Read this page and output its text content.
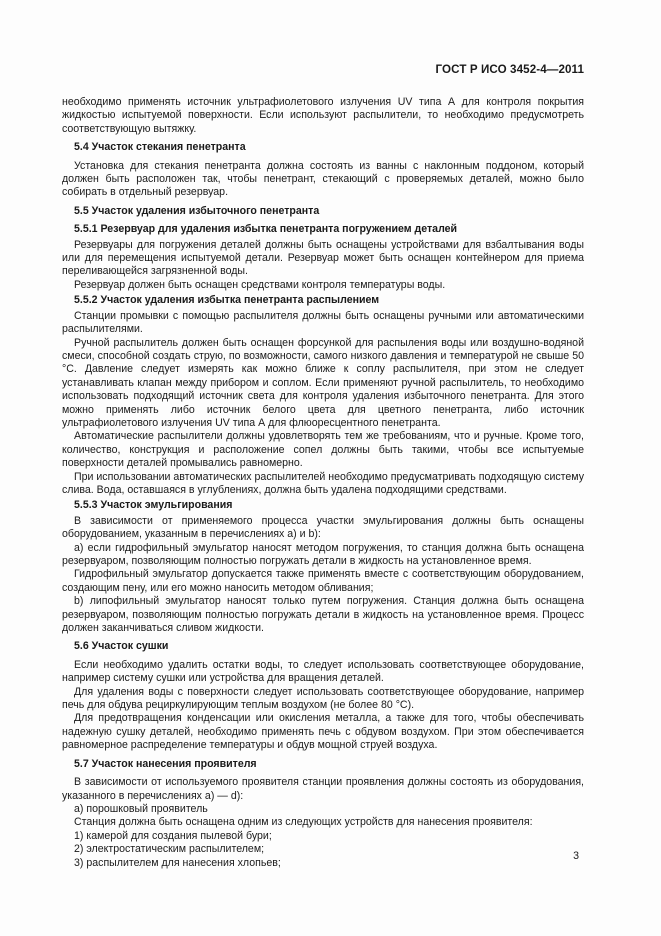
ГОСТ Р ИСО 3452-4—2011

необходимо применять источник ультрафиолетового излучения UV типа А для контроля покрытия жидкостью испытуемой поверхности. Если используют распылители, то необходимо предусмотреть соответствующую вытяжку.

5.4 Участок стекания пенетранта

Установка для стекания пенетранта должна состоять из ванны с наклонным поддоном, который должен быть расположен так, чтобы пенетрант, стекающий с проверяемых деталей, можно было собирать в отдельный резервуар.

5.5 Участок удаления избыточного пенетранта

5.5.1 Резервуар для удаления избытка пенетранта погружением деталей

Резервуары для погружения деталей должны быть оснащены устройствами для взбалтывания воды или для перемещения испытуемой детали. Резервуар может быть оснащен контейнером для приема переливающейся загрязненной воды.

Резервуар должен быть оснащен средствами контроля температуры воды.

5.5.2 Участок удаления избытка пенетранта распылением

Станции промывки с помощью распылителя должны быть оснащены ручными или автоматическими распылителями.

Ручной распылитель должен быть оснащен форсункой для распыления воды или воздушно-водяной смеси, способной создать струю, по возможности, самого низкого давления и температурой не свыше 50 °С. Давление следует измерять как можно ближе к соплу распылителя, при этом не следует устанавливать клапан между прибором и соплом. Если применяют ручной распылитель, то необходимо использовать подходящий источник света для контроля удаления избыточного пенетранта. Для этого можно применять либо источник белого цвета для цветного пенетранта, либо источник ультрафиолетового излучения UV типа А для флюоресцентного пенетранта.

Автоматические распылители должны удовлетворять тем же требованиям, что и ручные. Кроме того, количество, конструкция и расположение сопел должны быть такими, чтобы все испытуемые поверхности деталей промывались равномерно.

При использовании автоматических распылителей необходимо предусматривать подходящую систему слива. Вода, оставшаяся в углублениях, должна быть удалена подходящими средствами.

5.5.3 Участок эмульгирования

В зависимости от применяемого процесса участки эмульгирования должны быть оснащены оборудованием, указанным в перечислениях а) и b):

а) если гидрофильный эмульгатор наносят методом погружения, то станция должна быть оснащена резервуаром, позволяющим полностью погружать детали в жидкость на установленное время.

Гидрофильный эмульгатор допускается также применять вместе с соответствующим оборудованием, создающим пену, или его можно наносить методом обливания;

b) липофильный эмульгатор наносят только путем погружения. Станция должна быть оснащена резервуаром, позволяющим полностью погружать детали в жидкость на установленное время. Процесс должен заканчиваться сливом жидкости.

5.6 Участок сушки

Если необходимо удалить остатки воды, то следует использовать соответствующее оборудование, например систему сушки или устройства для вращения деталей.

Для удаления воды с поверхности следует использовать соответствующее оборудование, например печь для обдува рециркулирующим теплым воздухом (не более 80 °С).

Для предотвращения конденсации или окисления металла, а также для того, чтобы обеспечивать надежную сушку деталей, необходимо применять печь с обдувом воздухом. При этом обеспечивается равномерное распределение температуры и обдув мощной струей воздуха.

5.7 Участок нанесения проявителя

В зависимости от используемого проявителя станции проявления должны состоять из оборудования, указанного в перечислениях а) — d):

а) порошковый проявитель

Станция должна быть оснащена одним из следующих устройств для нанесения проявителя:

1) камерой для создания пылевой бури;

2) электростатическим распылителем;

3) распылителем для нанесения хлопьев;

3
